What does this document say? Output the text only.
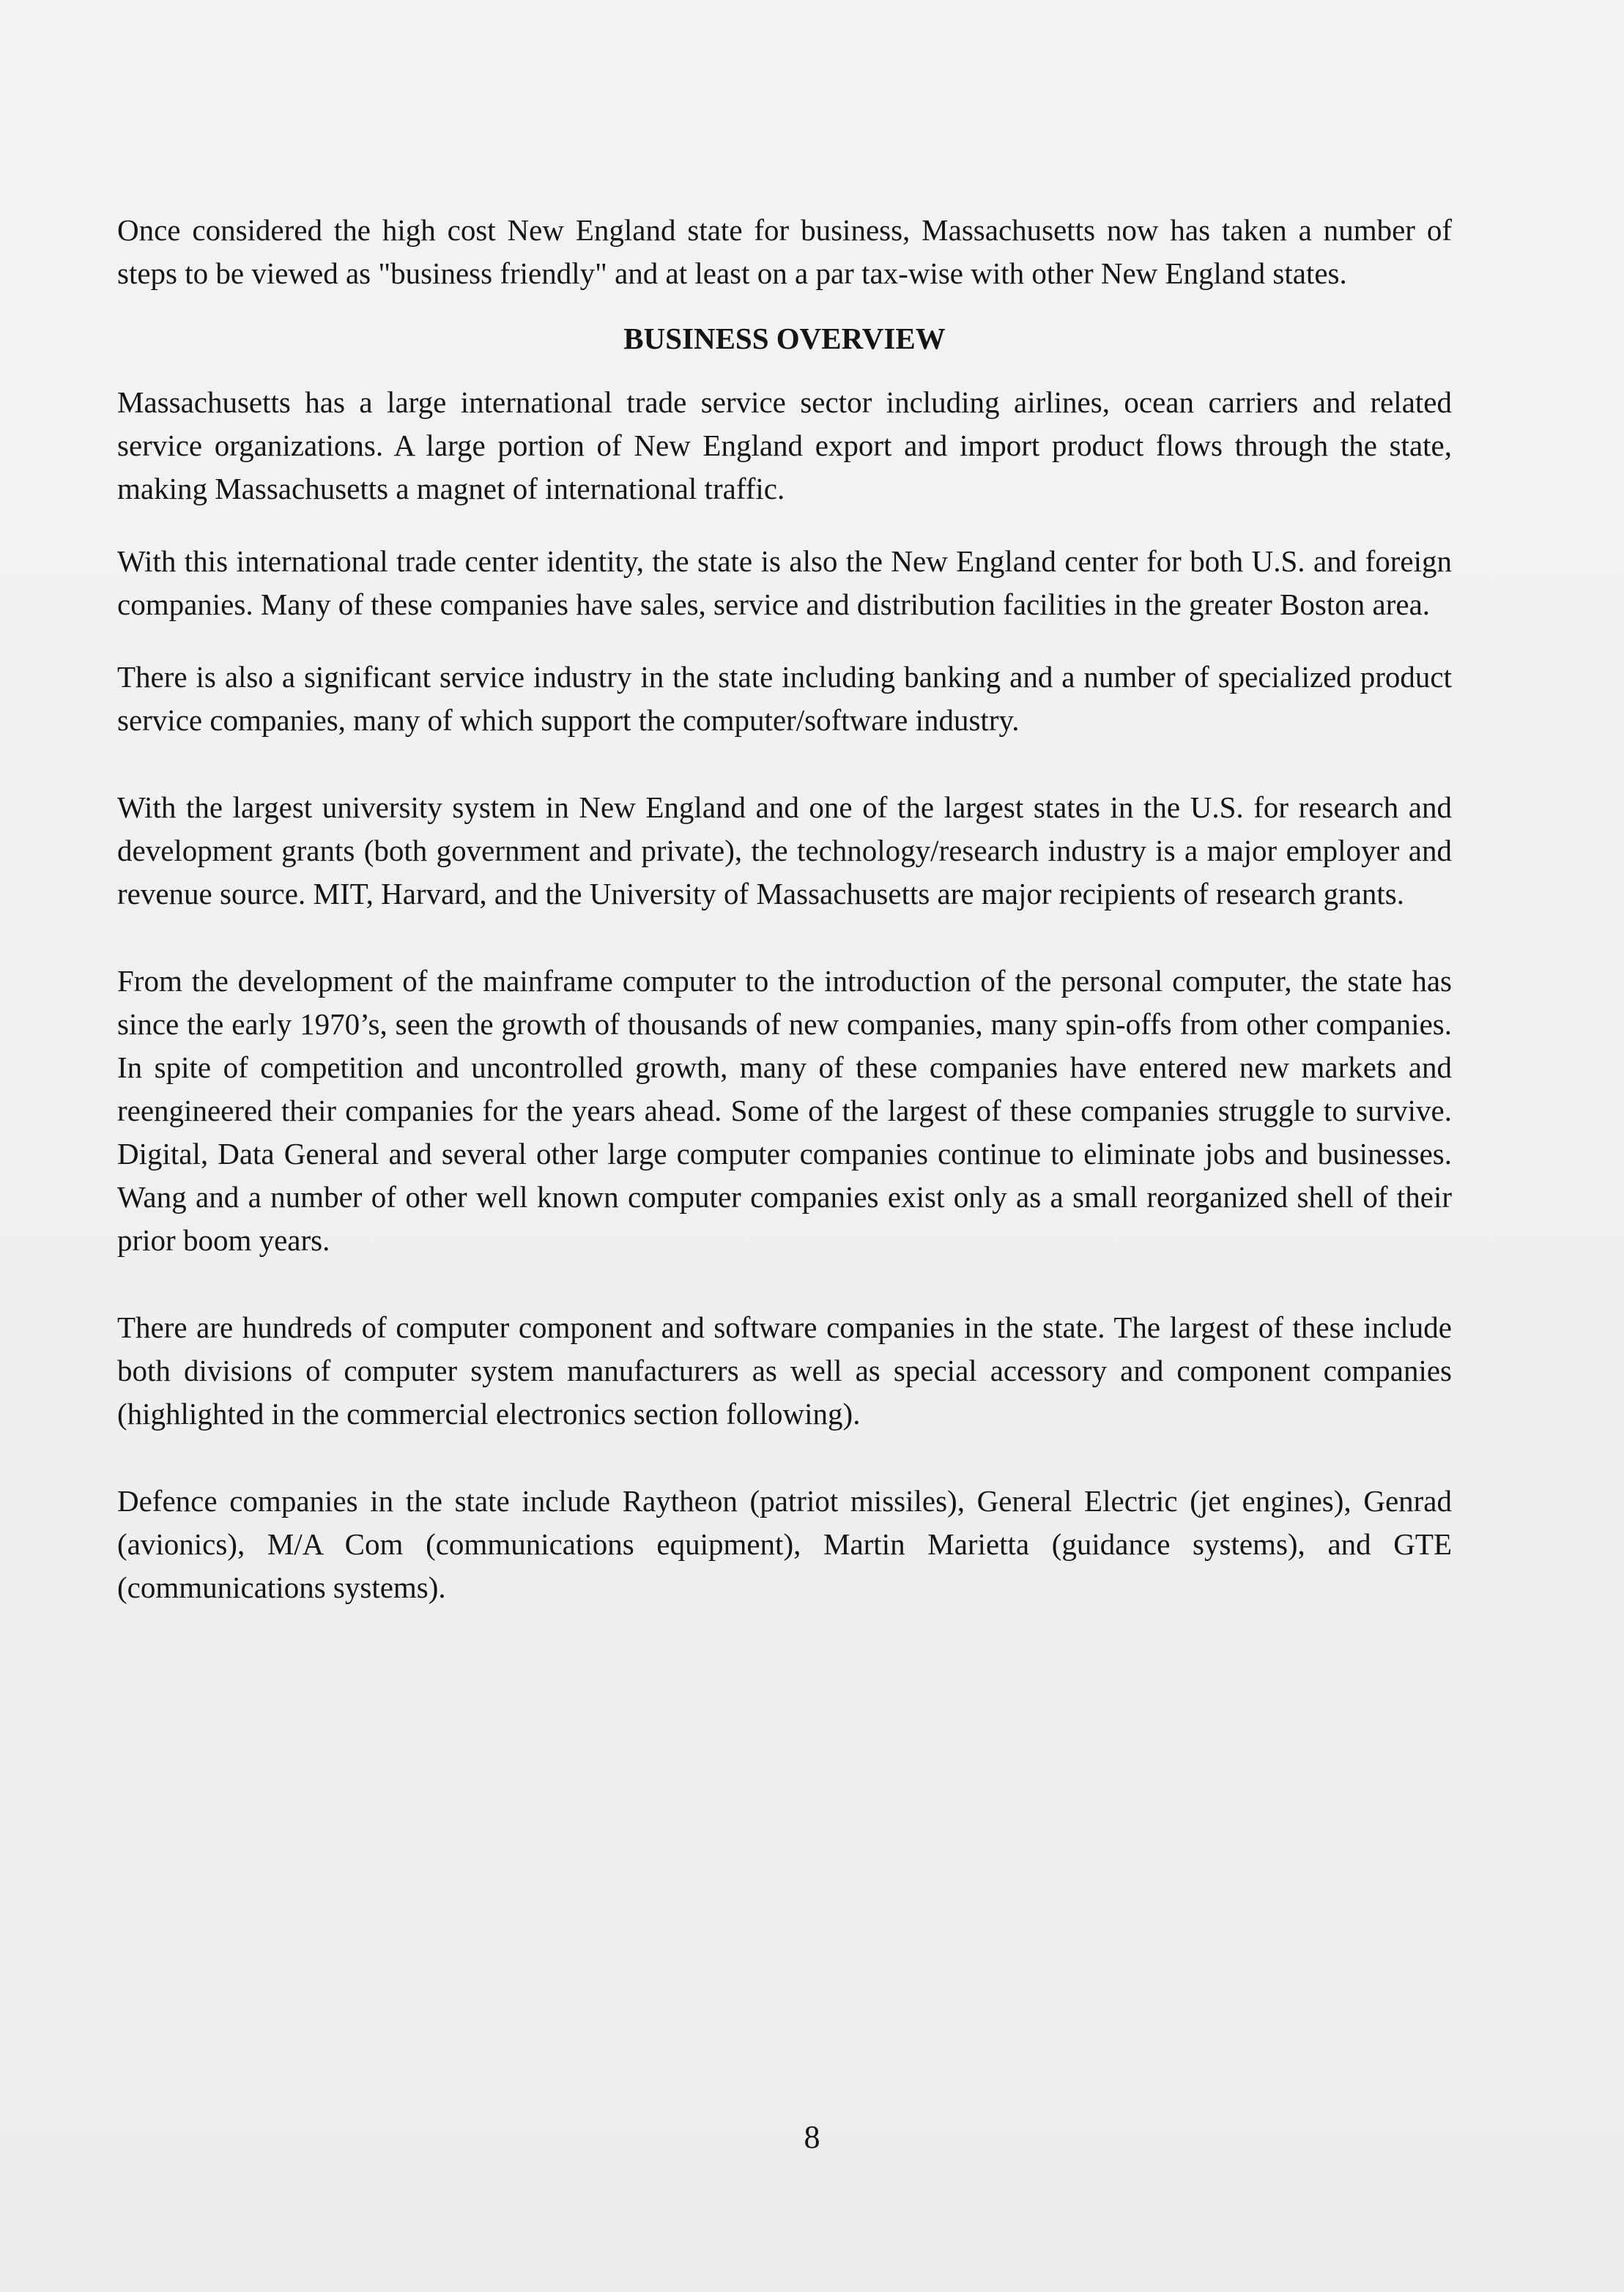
Once considered the high cost New England state for business, Massachusetts now has taken a number of steps to be viewed as "business friendly" and at least on a par tax-wise with other New England states.

BUSINESS OVERVIEW

Massachusetts has a large international trade service sector including airlines, ocean carriers and related service organizations. A large portion of New England export and import product flows through the state, making Massachusetts a magnet of international traffic.

With this international trade center identity, the state is also the New England center for both U.S. and foreign companies. Many of these companies have sales, service and distribution facilities in the greater Boston area.

There is also a significant service industry in the state including banking and a number of specialized product service companies, many of which support the computer/software industry.

With the largest university system in New England and one of the largest states in the U.S. for research and development grants (both government and private), the technology/research industry is a major employer and revenue source. MIT, Harvard, and the University of Massachusetts are major recipients of research grants.

From the development of the mainframe computer to the introduction of the personal computer, the state has since the early 1970’s, seen the growth of thousands of new companies, many spin-offs from other companies. In spite of competition and uncontrolled growth, many of these companies have entered new markets and reengineered their companies for the years ahead. Some of the largest of these companies struggle to survive. Digital, Data General and several other large computer companies continue to eliminate jobs and businesses. Wang and a number of other well known computer companies exist only as a small reorganized shell of their prior boom years.

There are hundreds of computer component and software companies in the state. The largest of these include both divisions of computer system manufacturers as well as special accessory and component companies (highlighted in the commercial electronics section following).

Defence companies in the state include Raytheon (patriot missiles), General Electric (jet engines), Genrad (avionics), M/A Com (communications equipment), Martin Marietta (guidance systems), and GTE (communications systems).

8
